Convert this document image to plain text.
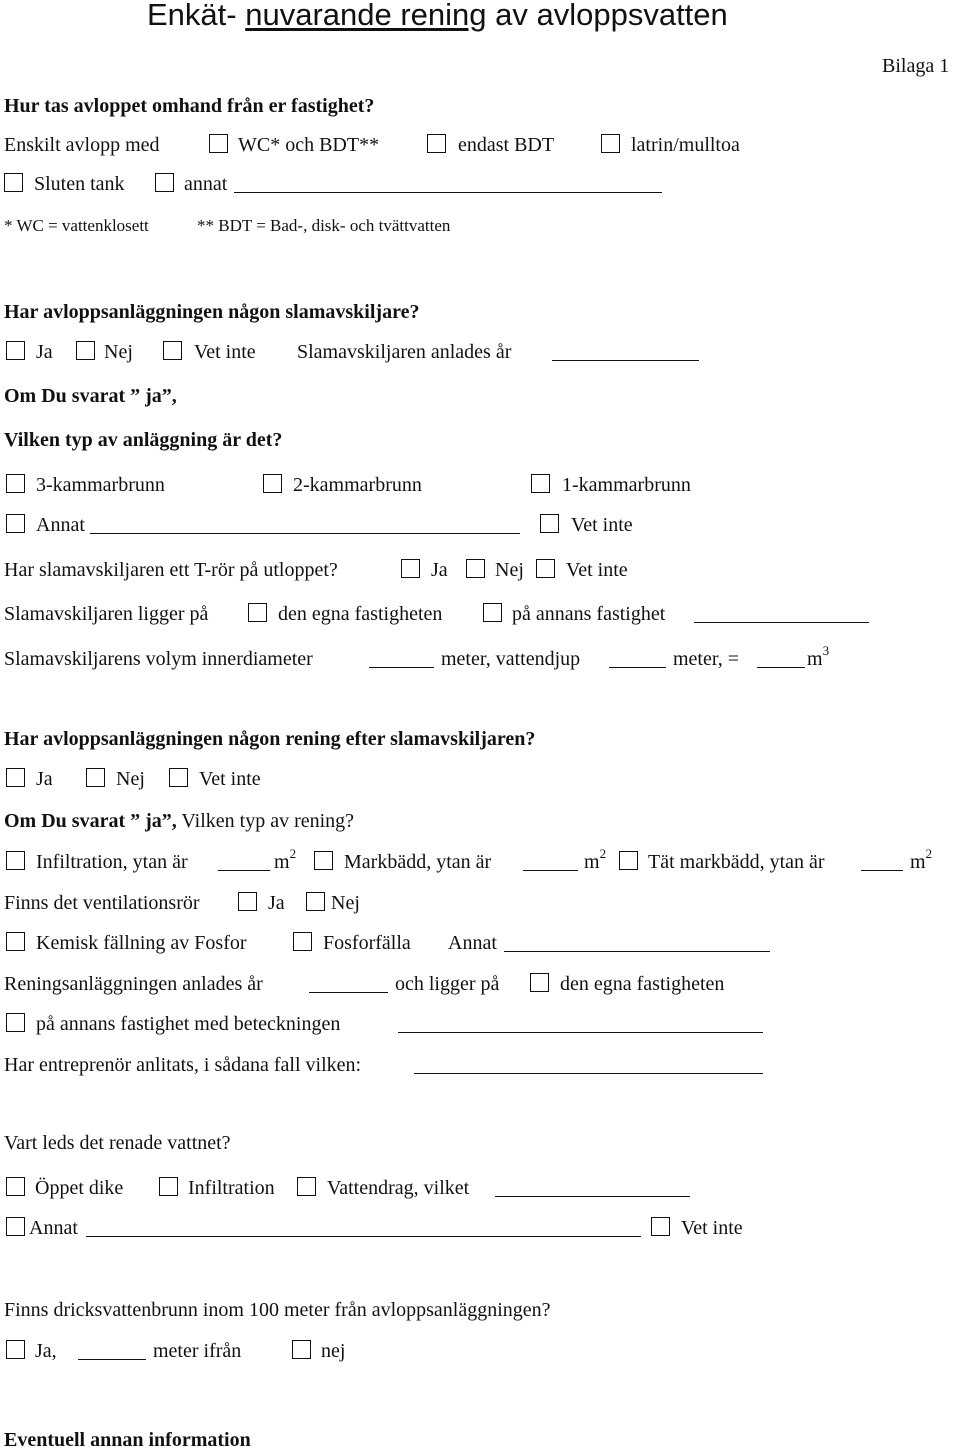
Enkät- nuvarande rening av avloppsvatten
Bilaga 1
Hur tas avloppet omhand från er fastighet?
Enskilt avlopp med	WC* och BDT**	endast BDT	latrin/mulltoa
Sluten tank	annat
* WC = vattenklosett	** BDT = Bad-, disk- och tvättvatten
Har avloppsanläggningen någon slamavskiljare?
Ja	Nej	Vet inte Slamavskiljaren anlades år
Om Du svarat ” ja”,
Vilken typ av anläggning är det?
3-kammarbrunn	2-kammarbrunn	1-kammarbrunn
Annat	Vet inte
Har slamavskiljaren ett T-rör på utloppet?	Ja Nej Vet inte
Slamavskiljaren ligger på	den egna fastigheten	på annans fastighet
Slamavskiljarens volym innerdiameter	meter, vattendjup	meter, =	$m^3$
Har avloppsanläggningen någon rening efter slamavskiljaren?
Ja	Nej	Vet inte
Om Du svarat ” ja”, Vilken typ av rening?
Infiltration, ytan är	$m^2$ Markbädd, ytan är	$m^2$ Tät markbädd, ytan är	$m^2$
Finns det ventilationsrör	Ja Nej
Kemisk fällning av Fosfor	Fosforfälla Annat
Reningsanläggningen anlades år	och ligger på	den egna fastigheten
på annans fastighet med beteckningen
Har entreprenör anlitats, i sådana fall vilken:
Vart leds det renade vattnet?
Öppet dike	Infiltration	Vattendrag, vilket
Annat	Vet inte
Finns dricksvattenbrunn inom 100 meter från avloppsanläggningen?
Ja,	meter ifrån	nej
Eventuell annan information
